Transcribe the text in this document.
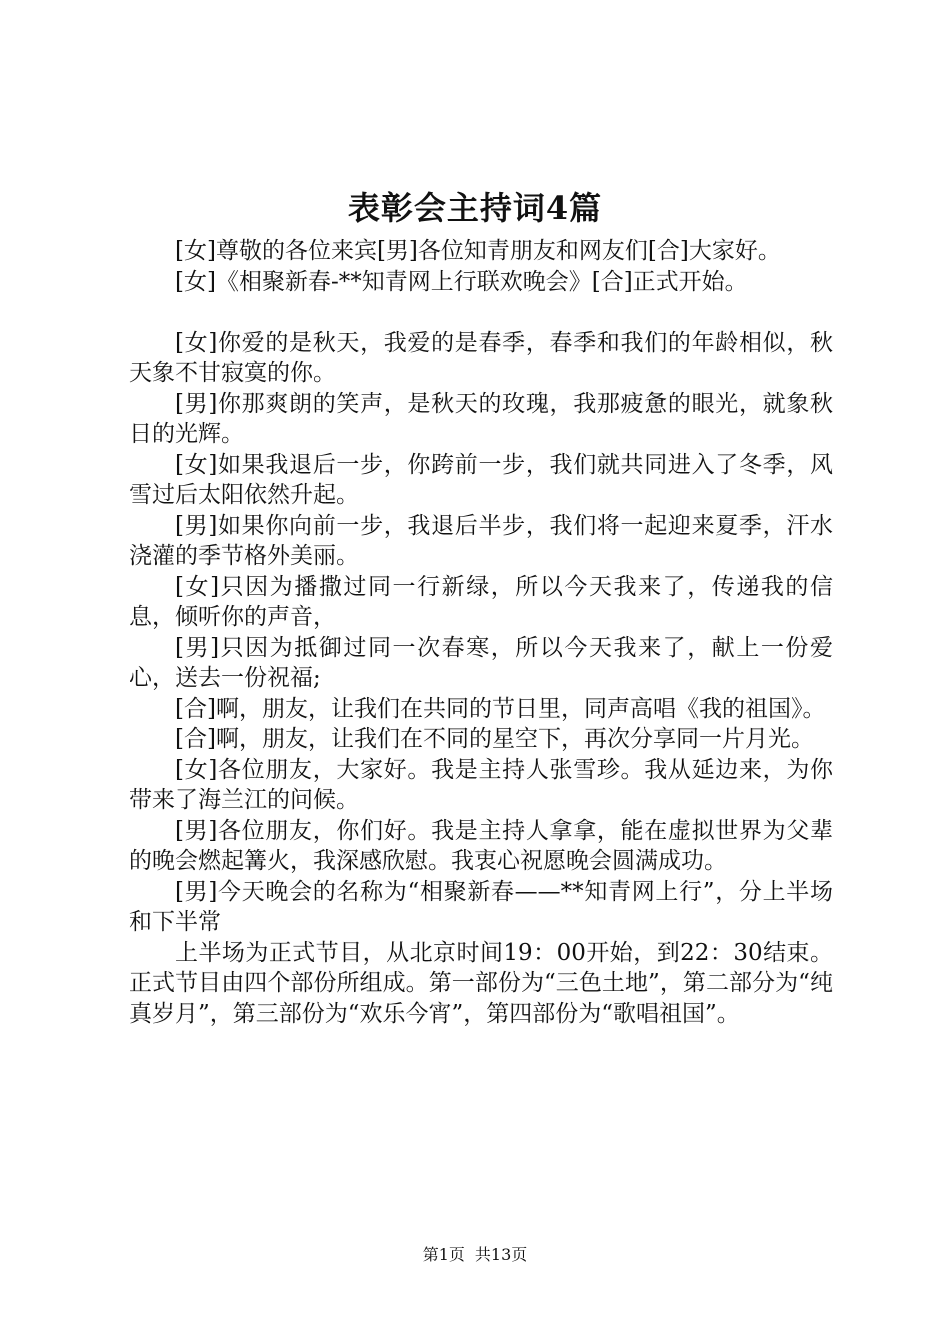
表彰会主持词4篇

[女]尊敬的各位来宾[男]各位知青朋友和网友们[合]大家好。

[女]《相聚新春-**知青网上行联欢晚会》[合]正式开始。

[女]你爱的是秋天，我爱的是春季，春季和我们的年龄相似，秋天象不甘寂寞的你。

[男]你那爽朗的笑声，是秋天的玫瑰，我那疲惫的眼光，就象秋日的光辉。

[女]如果我退后一步，你跨前一步，我们就共同进入了冬季，风雪过后太阳依然升起。

[男]如果你向前一步，我退后半步，我们将一起迎来夏季，汗水浇灌的季节格外美丽。

[女]只因为播撒过同一行新绿，所以今天我来了，传递我的信息，倾听你的声音，

[男]只因为抵御过同一次春寒，所以今天我来了，献上一份爱心，送去一份祝福;

[合]啊，朋友，让我们在共同的节日里，同声高唱《我的祖国》。

[合]啊，朋友，让我们在不同的星空下，再次分享同一片月光。

[女]各位朋友，大家好。我是主持人张雪珍。我从延边来，为你带来了海兰江的问候。

[男]各位朋友，你们好。我是主持人拿拿，能在虚拟世界为父辈的晚会燃起篝火，我深感欣慰。我衷心祝愿晚会圆满成功。

[男]今天晚会的名称为“相聚新春——**知青网上行”，分上半场和下半常

上半场为正式节目，从北京时间19：00开始，到22：30结束。正式节目由四个部份所组成。第一部份为“三色土地”，第二部分为“纯真岁月”，第三部份为“欢乐今宵”，第四部份为“歌唱祖国”。

第1页 共13页
